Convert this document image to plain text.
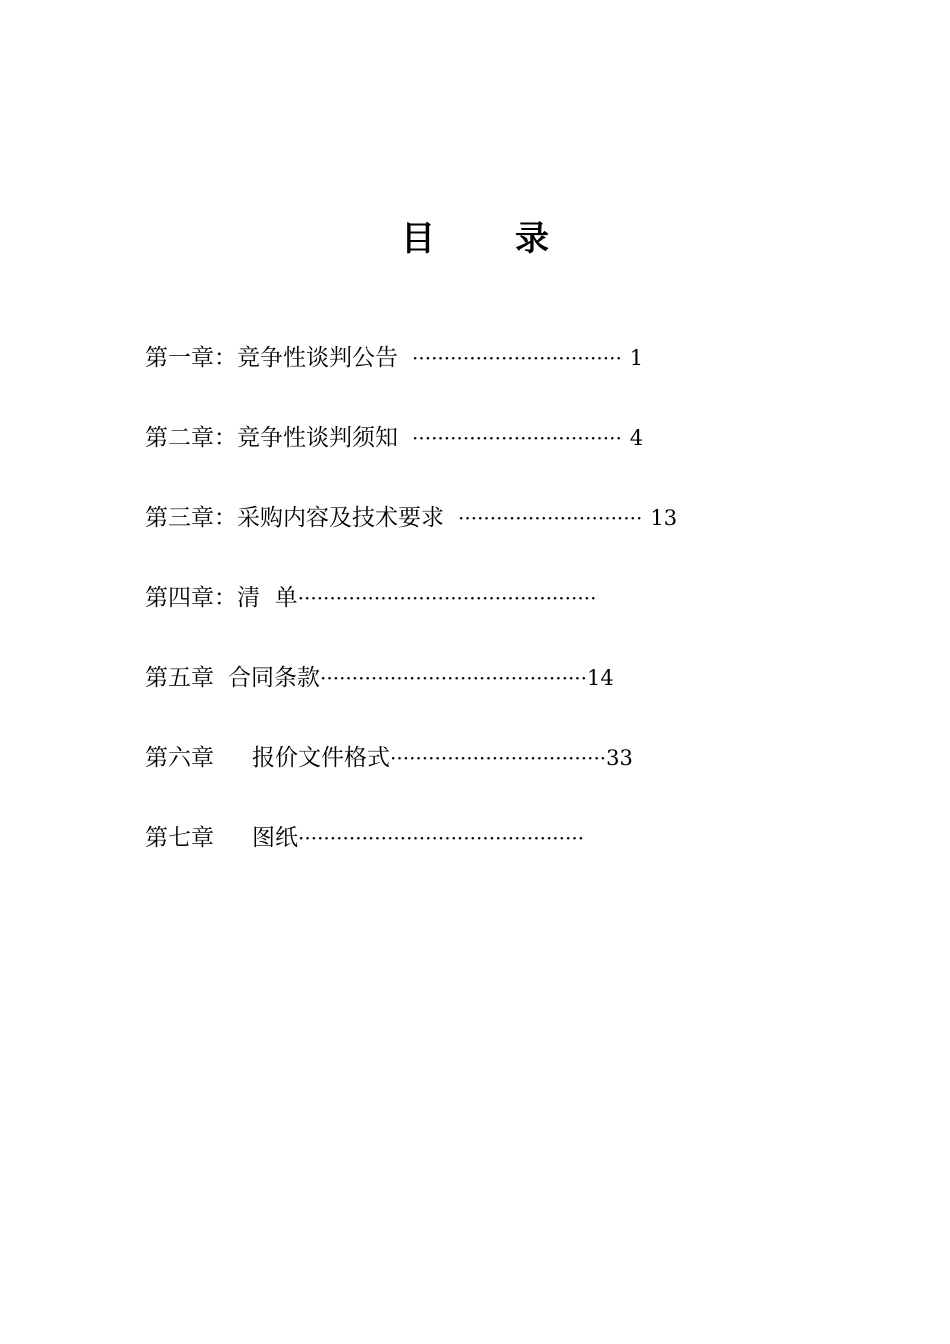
目 录
第一章： 竞争性谈判公告 ································· 1
第二章： 竞争性谈判须知 ································· 4
第三章： 采购内容及技术要求 ····························· 13
第四章： 清  单 ···············································
第五章 合同条款 ·········································· 14
第六章 报价文件格式 ·································· 33
第七章 图纸 ·············································
